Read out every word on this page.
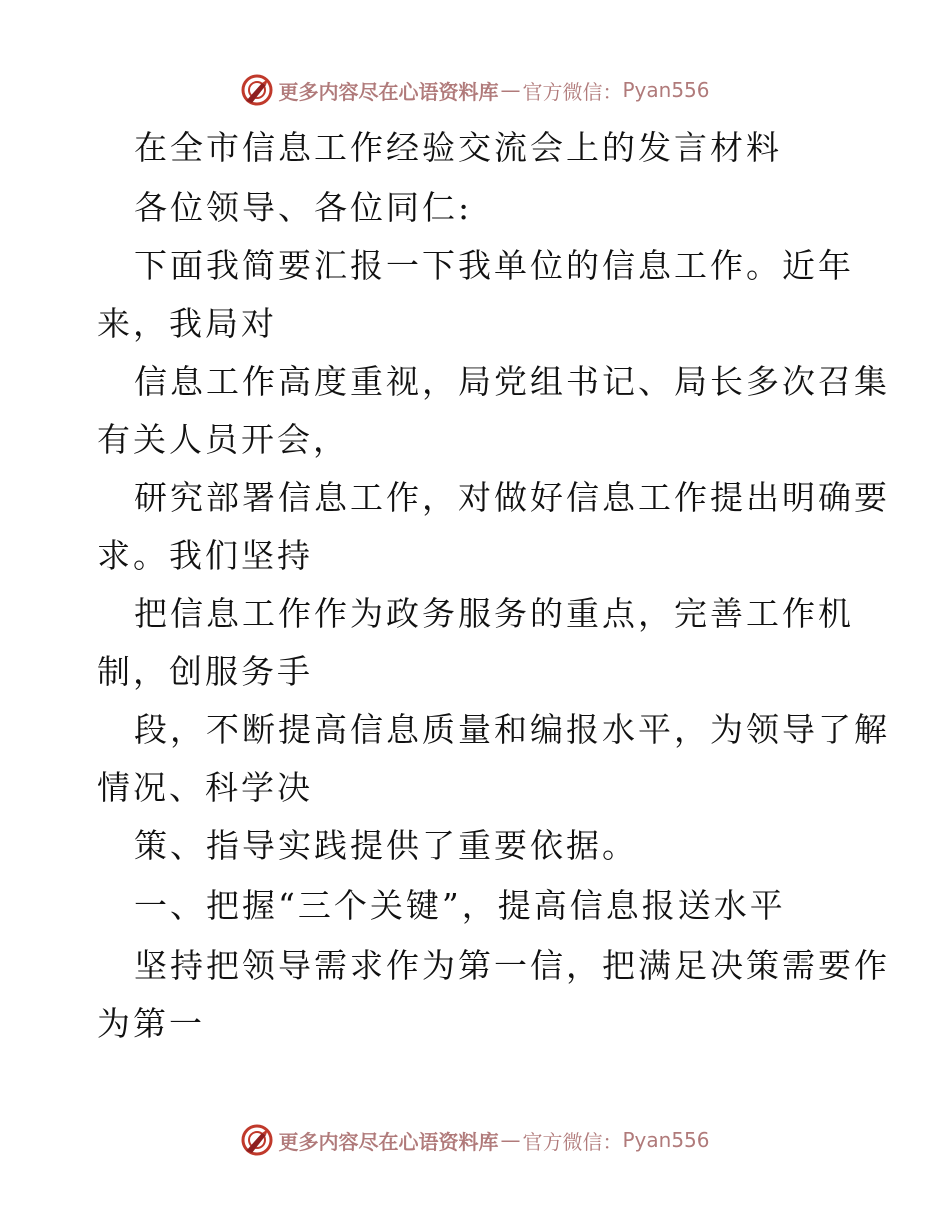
更多内容尽在心语资料库 — 官方微信： Pyan556
在全市信息工作经验交流会上的发言材料
各位领导、各位同仁:
下面我简要汇报一下我单位的信息工作。近年
来，我局对
信息工作高度重视，局党组书记、局长多次召集
有关人员开会，
研究部署信息工作，对做好信息工作提出明确要
求。我们坚持
把信息工作作为政务服务的重点，完善工作机
制，创服务手
段，不断提高信息质量和编报水平，为领导了解
情况、科学决
策、指导实践提供了重要依据。
一、把握“三个关键”，提高信息报送水平
坚持把领导需求作为第一信，把满足决策需要作
为第一
更多内容尽在心语资料库 — 官方微信： Pyan556
